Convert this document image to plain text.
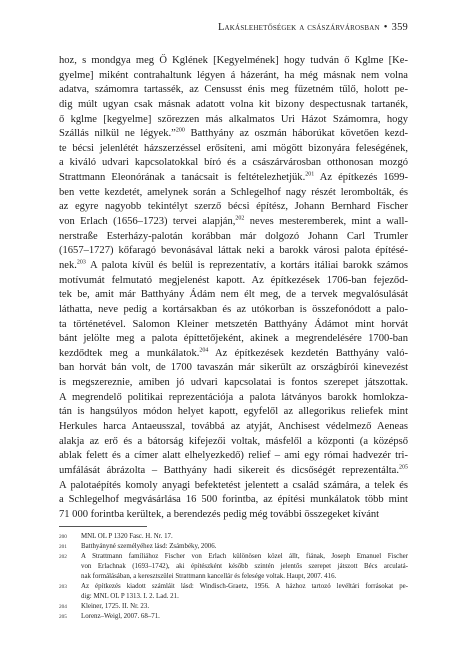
Lakáslehetőségek a császárvárosban • 359
hoz, s mondgya meg Ő Kglének [Kegyelmének] hogy tudván ő Kglme [Ke-
gyelme] miként contrahaltunk légyen á házeránt, ha még másnak nem volna
adatva, számomra tartassék, az Censusst énis meg fűzetném tűlő, holott pe-
dig múlt ugyan csak másnak adatott volna kit bizony despectusnak tartanék,
ő kglme [kegyelme] szörezzen más alkalmatos Uri Házot Számomra, hogy
Szállás nilkül ne légyek.”$^{200}$ Batthyány az oszmán háborúkat követően kezd-
te bécsi jelenlétét házszerzéssel erősíteni, ami mögött bizonyára feleségének,
a kiváló udvari kapcsolatokkal bíró és a császárvárosban otthonosan mozgó
Strattmann Eleonórának a tanácsait is feltételezhetjük.$^{201}$ Az építkezés 1699-
ben vette kezdetét, amelynek során a Schlegelhof nagy részét lerombolták, és
az egyre nagyobb tekintélyt szerző bécsi építész, Johann Bernhard Fischer
von Erlach (1656–1723) tervei alapján,$^{202}$ neves mesteremberek, mint a wall-
nerstraße Esterházy-palotán korábban már dolgozó Johann Carl Trumler
(1657–1727) kőfaragó bevonásával láttak neki a barokk városi palota építésé-
nek.$^{203}$ A palota kívül és belül is reprezentatív, a kortárs itáliai barokk számos
motívumát felmutató megjelenést kapott. Az építkezések 1706-ban fejeződ-
tek be, amit már Batthyány Ádám nem élt meg, de a tervek megvalósulását
láthatta, neve pedig a kortársakban és az utókorban is összefonódott a palo-
ta történetével. Salomon Kleiner metszetén Batthyány Ádámot mint horvát
bánt jelölte meg a palota építtetőjeként, akinek a megrendelésére 1700-ban
kezdődtek meg a munkálatok.$^{204}$ Az építkezések kezdetén Batthyány való-
ban horvát bán volt, de 1700 tavaszán már sikerült az országbírói kinevezést
is megszereznie, amiben jó udvari kapcsolatai is fontos szerepet játszottak.
A megrendelő politikai reprezentációja a palota látványos barokk homlokza-
tán is hangsúlyos módon helyet kapott, egyfelől az allegorikus reliefek mint
Herkules harca Antaeusszal, továbbá az atyját, Anchisest védelmező Aeneas
alakja az erő és a bátorság kifejezői voltak, másfelől a központi (a középső
ablak felett és a címer alatt elhelyezkedő) relief – ami egy római hadvezér tri-
umfálását ábrázolta – Batthyány hadi sikereit és dicsőségét reprezentálta.$^{205}$
A palotaépítés komoly anyagi befektetést jelentett a család számára, a telek és
a Schlegelhof megvásárlása 16 500 forintba, az építési munkálatok több mint
71 000 forintba kerültek, a berendezés pedig még további összegeket kívánt
200	MNL OL P 1320 Fasc. H. Nr. 17.
201	Batthyányné személyéhez lásd: Zsámbéky, 2006.
202	A Strattmann famíliához Fischer von Erlach különösen közel állt, fiának, Joseph Emanuel Fischer
von Erlachnak (1693–1742), aki építészként később szintén jelentős szerepet játszott Bécs arculatá-
nak formálásában, a keresztszülei Strattmann kancellár és felesége voltak. Haupt, 2007. 416.
203	Az építkezés kiadott számláit lásd: Windisch-Graetz, 1956. A házhoz tartozó levéltári forrásokat pe-
dig: MNL OL P 1313. I. 2. Lad. 21.
204	Kleiner, 1725. II. Nr. 23.
205	Lorenz–Weigl, 2007. 68–71.
